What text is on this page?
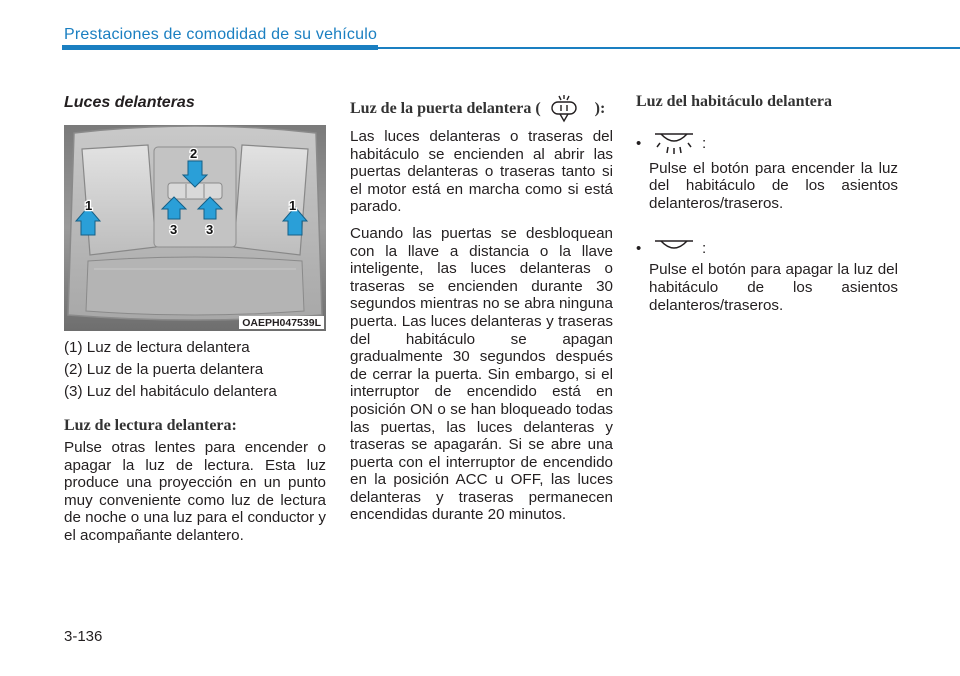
Prestaciones de comodidad de su vehículo
Luces delanteras
1
2
3 3
1
OAEPH047539L

(1) Luz de lectura delantera

(2) Luz de la puerta delantera

(3) Luz del habitáculo delantera

Luz de lectura delantera:

Pulse otras lentes para encender o apagar la luz de lectura. Esta luz produce una proyección en un punto muy conveniente como luz de lectura de noche o una luz para el conductor y el acompañante delantero.

Luz de la puerta delantera (	):

Las luces delanteras o traseras del habitáculo se encienden al abrir las puertas delanteras o traseras tanto si el motor está en marcha como si está parado.

Cuando las puertas se desbloquean con la llave a distancia o la llave inteligente, las luces delanteras o traseras se encienden durante 30 segundos mientras no se abra ninguna puerta. Las luces delanteras y traseras del habitáculo se apagan gradualmente 30 segundos después de cerrar la puerta. Sin embargo, si el interruptor de encendido está en posición ON o se han bloqueado todas las puertas, las luces delanteras y traseras se apagarán. Si se abre una puerta con el interruptor de encendido en la posición ACC u OFF, las luces delanteras y traseras permanecen encendidas durante 20 minutos.

Luz del habitáculo delantera
•	:

Pulse el botón para encender la luz del habitáculo de los asientos delanteros/traseros.

•	:

Pulse el botón para apagar la luz del habitáculo de los asientos delanteros/traseros.

3-136
